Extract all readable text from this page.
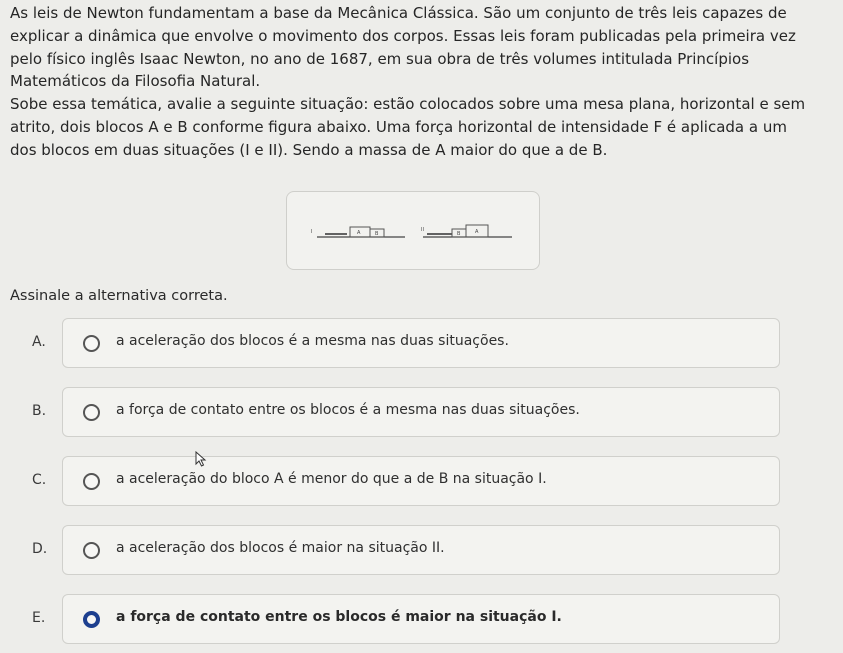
As leis de Newton fundamentam a base da Mecânica Clássica. São um conjunto de três leis capazes de explicar a dinâmica que envolve o movimento dos corpos. Essas leis foram publicadas pela primeira vez pelo físico inglês Isaac Newton, no ano de 1687, em sua obra de três volumes intitulada Princípios Matemáticos da Filosofia Natural.

Sobe essa temática, avalie a seguinte situação: estão colocados sobre uma mesa plana, horizontal e sem atrito, dois blocos A e B conforme figura abaixo. Uma força horizontal de intensidade F é aplicada a um dos blocos em duas situações (I e II). Sendo a massa de A maior do que a de B.

I	A	B
II
B	A
Assinale a alternativa correta.
A.	a aceleração dos blocos é a mesma nas duas situações.
B.	a força de contato entre os blocos é a mesma nas duas situações.
C.	a aceleração do bloco A é menor do que a de B na situação I.
D.	a aceleração dos blocos é maior na situação II.
E.	a força de contato entre os blocos é maior na situação I.
